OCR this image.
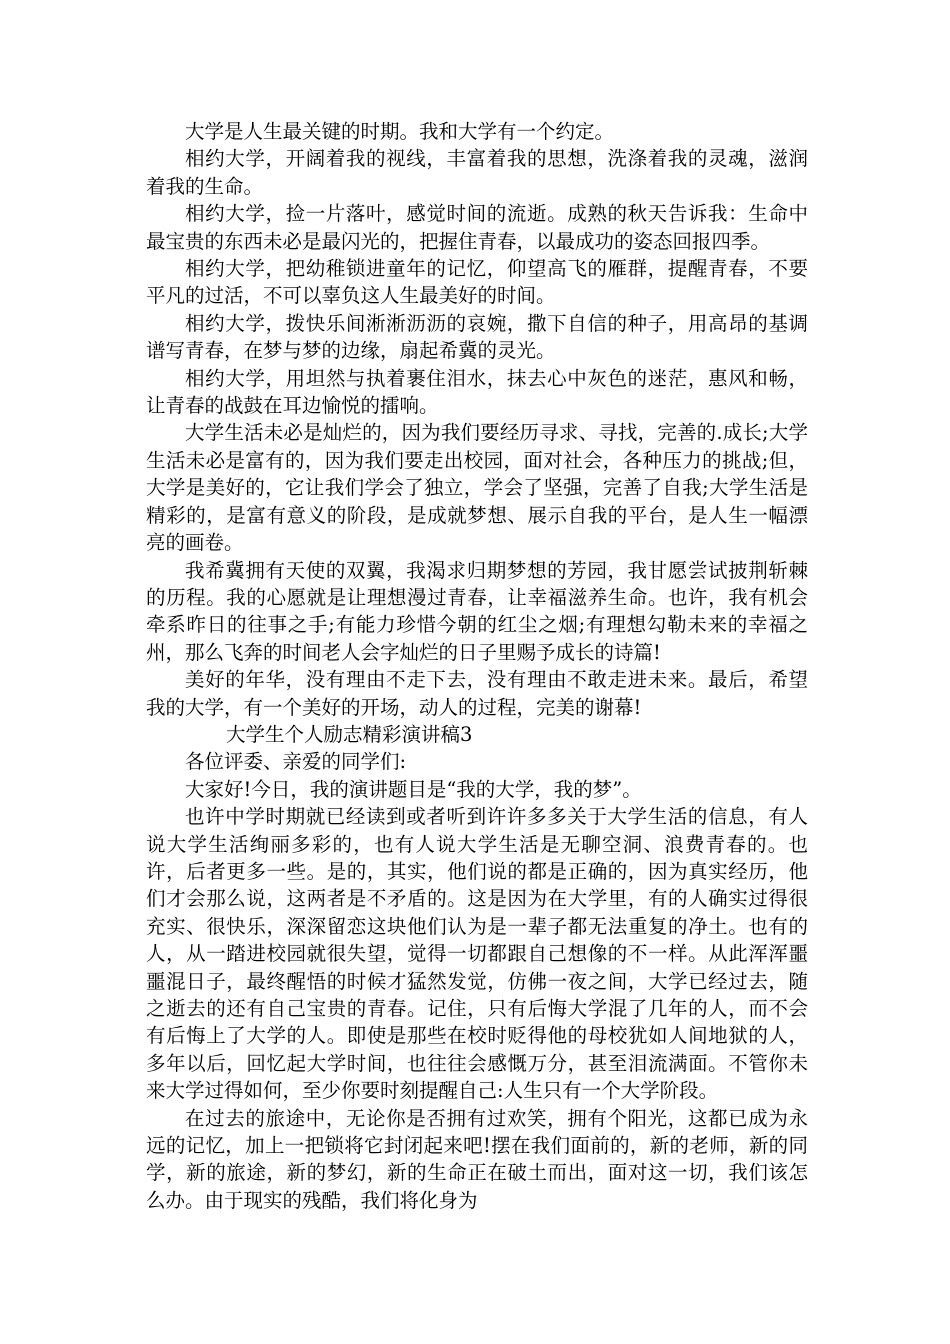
大学是人生最关键的时期。我和大学有一个约定。

相约大学，开阔着我的视线，丰富着我的思想，洗涤着我的灵魂，滋润着我的生命。

相约大学，捡一片落叶，感觉时间的流逝。成熟的秋天告诉我：生命中最宝贵的东西未必是最闪光的，把握住青春，以最成功的姿态回报四季。

相约大学，把幼稚锁进童年的记忆，仰望高飞的雁群，提醒青春，不要平凡的过活，不可以辜负这人生最美好的时间。

相约大学，拨快乐间淅淅沥沥的哀婉，撒下自信的种子，用高昂的基调谱写青春，在梦与梦的边缘，扇起希冀的灵光。

相约大学，用坦然与执着裹住泪水，抹去心中灰色的迷茫，惠风和畅，让青春的战鼓在耳边愉悦的擂响。

大学生活未必是灿烂的，因为我们要经历寻求、寻找，完善的.成长;大学生活未必是富有的，因为我们要走出校园，面对社会，各种压力的挑战;但，大学是美好的，它让我们学会了独立，学会了坚强，完善了自我;大学生活是精彩的，是富有意义的阶段，是成就梦想、展示自我的平台，是人生一幅漂亮的画卷。

我希冀拥有天使的双翼，我渴求归期梦想的芳园，我甘愿尝试披荆斩棘的历程。我的心愿就是让理想漫过青春，让幸福滋养生命。也许，我有机会牵系昨日的往事之手;有能力珍惜今朝的红尘之烟;有理想勾勒未来的幸福之州，那么飞奔的时间老人会字灿烂的日子里赐予成长的诗篇!

美好的年华，没有理由不走下去，没有理由不敢走进未来。最后，希望我的大学，有一个美好的开场，动人的过程，完美的谢幕!

大学生个人励志精彩演讲稿3

各位评委、亲爱的同学们:

大家好!今日，我的演讲题目是“我的大学，我的梦”。

也许中学时期就已经读到或者听到许许多多关于大学生活的信息，有人说大学生活绚丽多彩的，也有人说大学生活是无聊空洞、浪费青春的。也许，后者更多一些。是的，其实，他们说的都是正确的，因为真实经历，他们才会那么说，这两者是不矛盾的。这是因为在大学里，有的人确实过得很充实、很快乐，深深留恋这块他们认为是一辈子都无法重复的净土。也有的人，从一踏进校园就很失望，觉得一切都跟自己想像的不一样。从此浑浑噩噩混日子，最终醒悟的时候才猛然发觉，仿佛一夜之间，大学已经过去，随之逝去的还有自己宝贵的青春。记住，只有后悔大学混了几年的人，而不会有后悔上了大学的人。即使是那些在校时贬得他的母校犹如人间地狱的人，多年以后，回忆起大学时间，也往往会感慨万分，甚至泪流满面。不管你未来大学过得如何，至少你要时刻提醒自己:人生只有一个大学阶段。

在过去的旅途中，无论你是否拥有过欢笑，拥有个阳光，这都已成为永远的记忆，加上一把锁将它封闭起来吧!摆在我们面前的，新的老师，新的同学，新的旅途，新的梦幻，新的生命正在破土而出，面对这一切，我们该怎么办。由于现实的残酷，我们将化身为
